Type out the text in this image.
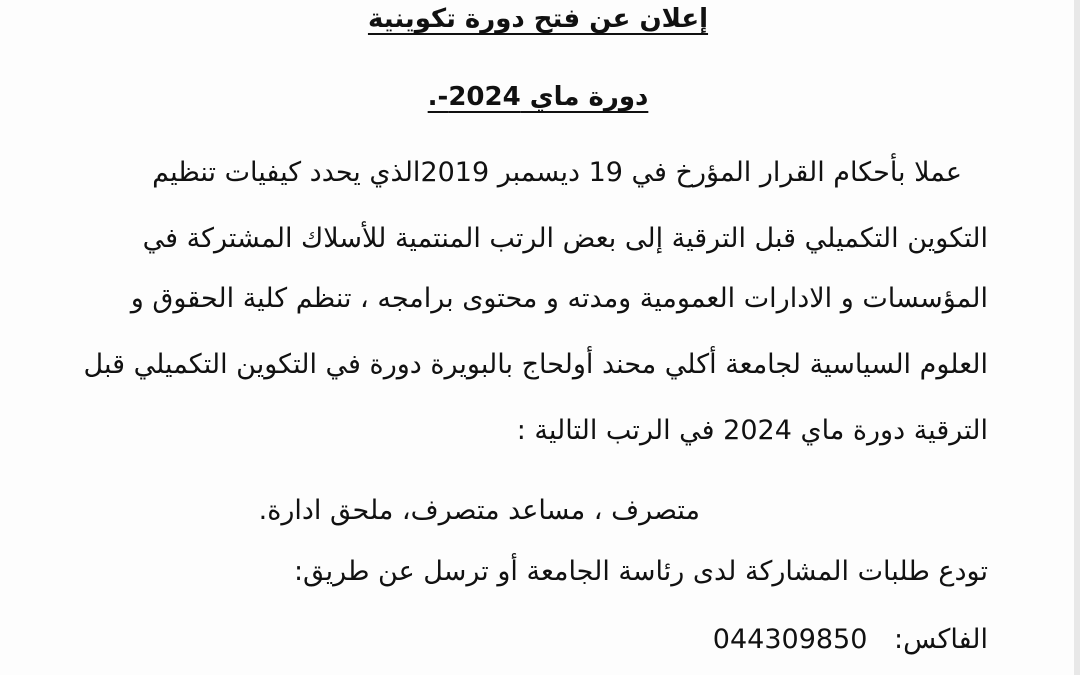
إعلان عن فتح دورة تكوينية
دورة ماي 2024-.
عملا بأحكام القرار المؤرخ في 19 ديسمبر 2019الذي يحدد كيفيات تنظيم
التكوين التكميلي قبل الترقية إلى بعض الرتب المنتمية للأسلاك المشتركة في
المؤسسات و الادارات العمومية ومدته و محتوى برامجه ، تنظم كلية الحقوق و
العلوم السياسية لجامعة أكلي محند أولحاج بالبويرة دورة في التكوين التكميلي قبل
الترقية دورة ماي 2024 في الرتب التالية :
متصرف ، مساعد متصرف، ملحق ادارة.
تودع طلبات المشاركة لدى رئاسة الجامعة أو ترسل عن طريق:
الفاكس: 044309850
